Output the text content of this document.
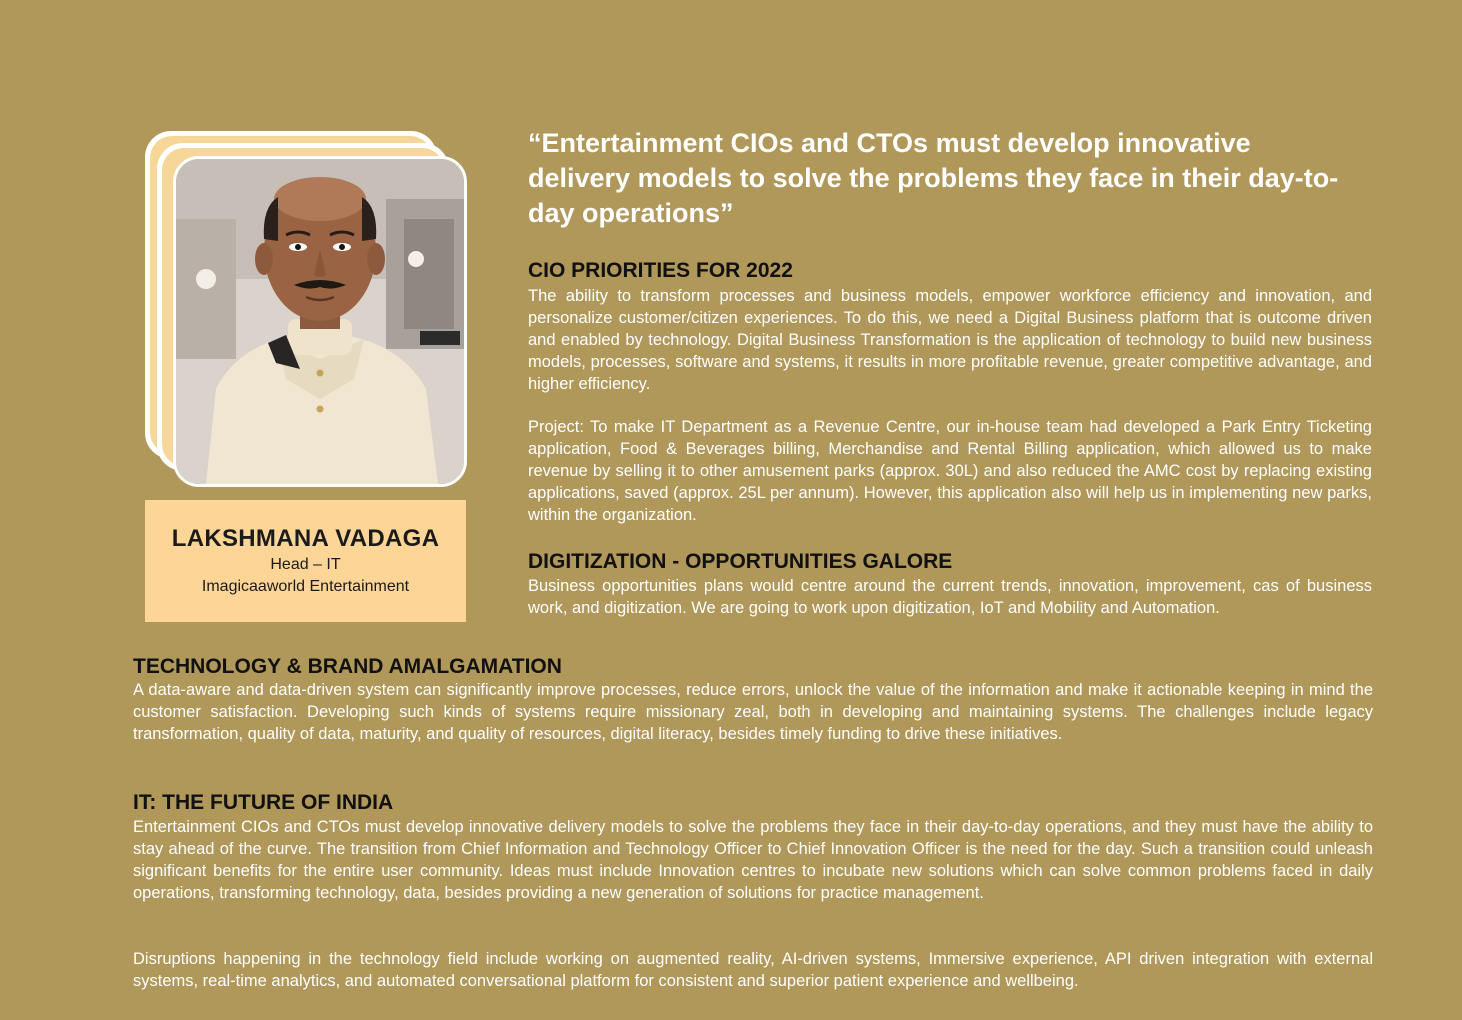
LAKSHMANA VADAGA
Head – IT
Imagicaaworld Entertainment
“Entertainment CIOs and CTOs must develop innovative delivery models to solve the problems they face in their day-to-day operations”
CIO PRIORITIES FOR 2022
The ability to transform processes and business models, empower workforce efficiency and innovation, and personalize customer/citizen experiences. To do this, we need a Digital Business platform that is outcome driven and enabled by technology. Digital Business Transformation is the application of technology to build new business models, processes, software and systems, it results in more profitable revenue, greater competitive advantage, and higher efficiency.
Project: To make IT Department as a Revenue Centre, our in-house team had developed a Park Entry Ticketing application, Food & Beverages billing, Merchandise and Rental Billing application, which allowed us to make revenue by selling it to other amusement parks (approx. 30L) and also reduced the AMC cost by replacing existing applications, saved (approx. 25L per annum). However, this application also will help us in implementing new parks, within the organization.
DIGITIZATION - OPPORTUNITIES GALORE
Business opportunities plans would centre around the current trends, innovation, improvement, cas of business work, and digitization. We are going to work upon digitization, IoT and Mobility and Automation.
TECHNOLOGY & BRAND AMALGAMATION
A data-aware and data-driven system can significantly improve processes, reduce errors, unlock the value of the information and make it actionable keeping in mind the customer satisfaction. Developing such kinds of systems require missionary zeal, both in developing and maintaining systems. The challenges include legacy transformation, quality of data, maturity, and quality of resources, digital literacy, besides timely funding to drive these initiatives.
IT: THE FUTURE OF INDIA
Entertainment CIOs and CTOs must develop innovative delivery models to solve the problems they face in their day-to-day operations, and they must have the ability to stay ahead of the curve. The transition from Chief Information and Technology Officer to Chief Innovation Officer is the need for the day. Such a transition could unleash significant benefits for the entire user community. Ideas must include Innovation centres to incubate new solutions which can solve common problems faced in daily operations, transforming technology, data, besides providing a new generation of solutions for practice management.
Disruptions happening in the technology field include working on augmented reality, AI-driven systems, Immersive experience, API driven integration with external systems, real-time analytics, and automated conversational platform for consistent and superior patient experience and wellbeing.
